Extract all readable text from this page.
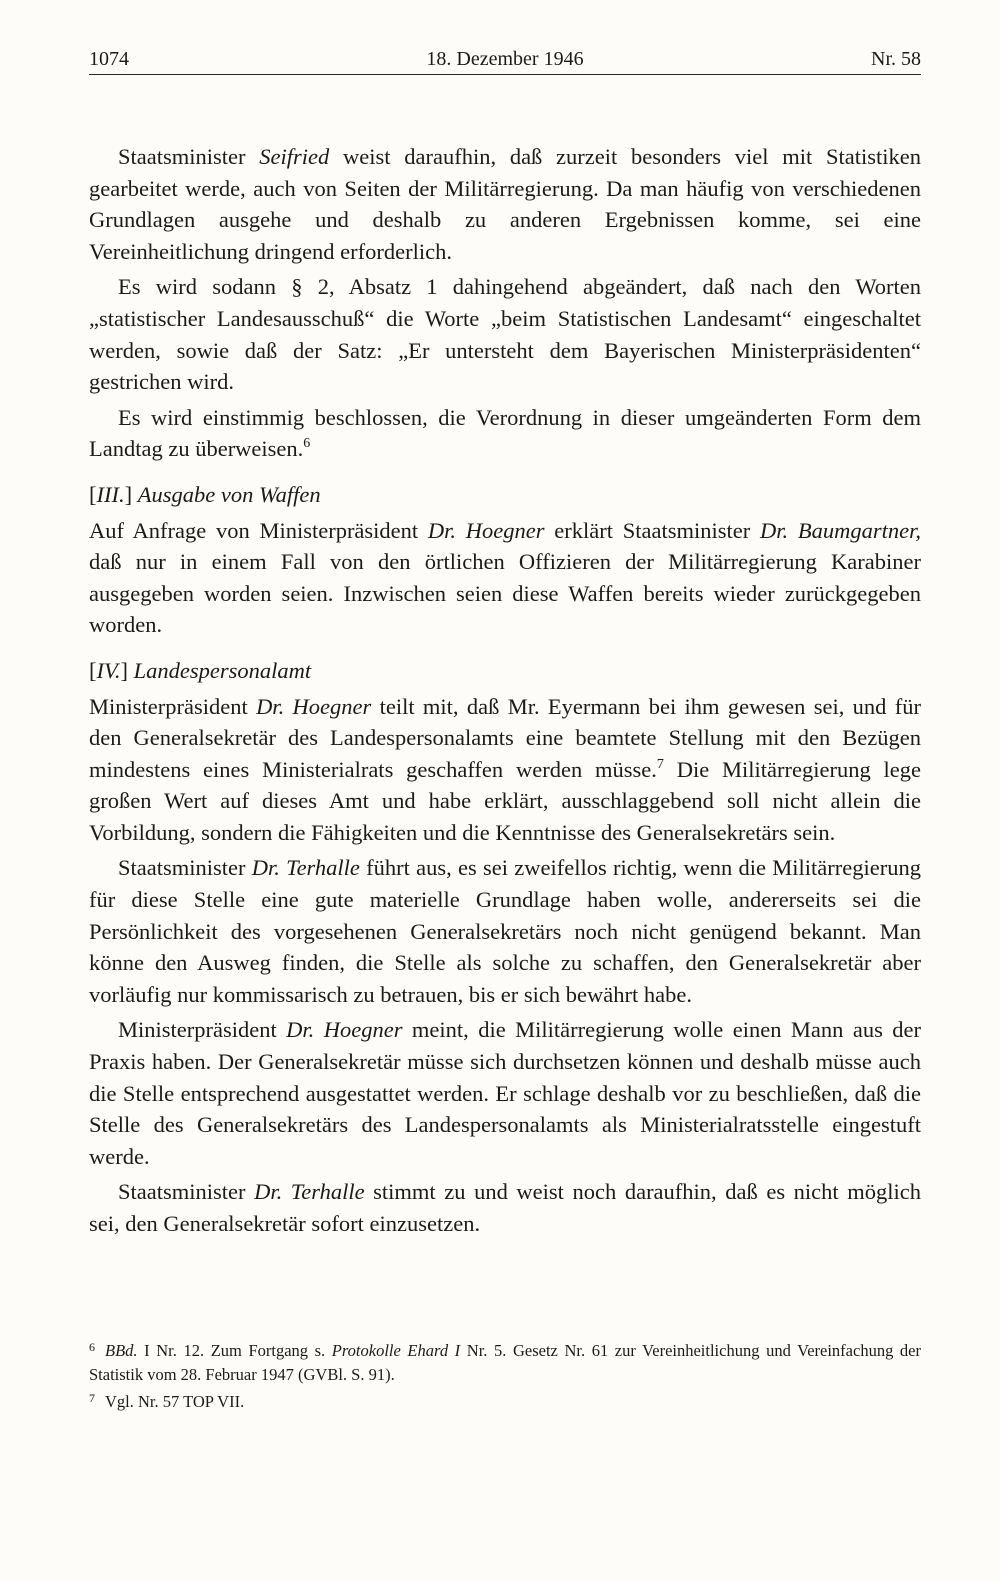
1074	18. Dezember 1946	Nr. 58

Staatsminister Seifried weist daraufhin, daß zurzeit besonders viel mit Statistiken gearbeitet werde, auch von Seiten der Militärregierung. Da man häufig von verschiedenen Grundlagen ausgehe und deshalb zu anderen Ergebnissen komme, sei eine Vereinheitlichung dringend erforderlich.

Es wird sodann § 2, Absatz 1 dahingehend abgeändert, daß nach den Worten „statistischer Landesausschuß“ die Worte „beim Statistischen Landesamt“ eingeschaltet werden, sowie daß der Satz: „Er untersteht dem Bayerischen Ministerpräsidenten“ gestrichen wird.

Es wird einstimmig beschlossen, die Verordnung in dieser umgeänderten Form dem Landtag zu überweisen.$^6$

[III.] Ausgabe von Waffen

Auf Anfrage von Ministerpräsident Dr. Hoegner erklärt Staatsminister Dr. Baumgartner, daß nur in einem Fall von den örtlichen Offizieren der Militärregierung Karabiner ausgegeben worden seien. Inzwischen seien diese Waffen bereits wieder zurückgegeben worden.

[IV.] Landespersonalamt

Ministerpräsident Dr. Hoegner teilt mit, daß Mr. Eyermann bei ihm gewesen sei, und für den Generalsekretär des Landespersonalamts eine beamtete Stellung mit den Bezügen mindestens eines Ministerialrats geschaffen werden müsse.$^7$ Die Militärregierung lege großen Wert auf dieses Amt und habe erklärt, ausschlaggebend soll nicht allein die Vorbildung, sondern die Fähigkeiten und die Kenntnisse des Generalsekretärs sein.

Staatsminister Dr. Terhalle führt aus, es sei zweifellos richtig, wenn die Militärregierung für diese Stelle eine gute materielle Grundlage haben wolle, andererseits sei die Persönlichkeit des vorgesehenen Generalsekretärs noch nicht genügend bekannt. Man könne den Ausweg finden, die Stelle als solche zu schaffen, den Generalsekretär aber vorläufig nur kommissarisch zu betrauen, bis er sich bewährt habe.

Ministerpräsident Dr. Hoegner meint, die Militärregierung wolle einen Mann aus der Praxis haben. Der Generalsekretär müsse sich durchsetzen können und deshalb müsse auch die Stelle entsprechend ausgestattet werden. Er schlage deshalb vor zu beschließen, daß die Stelle des Generalsekretärs des Landespersonalamts als Ministerialratsstelle eingestuft werde.

Staatsminister Dr. Terhalle stimmt zu und weist noch daraufhin, daß es nicht möglich sei, den Generalsekretär sofort einzusetzen.

$^6$ BBd. I Nr. 12. Zum Fortgang s. Protokolle Ehard I Nr. 5. Gesetz Nr. 61 zur Vereinheitlichung und Vereinfachung der Statistik vom 28. Februar 1947 (GVBl. S. 91).
$^7$ Vgl. Nr. 57 TOP VII.
